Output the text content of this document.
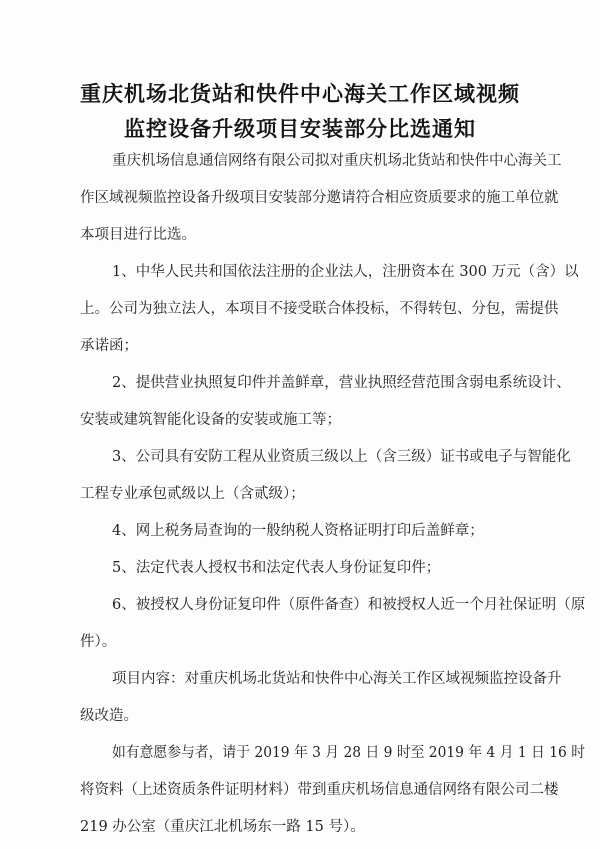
重庆机场北货站和快件中心海关工作区域视频
监控设备升级项目安装部分比选通知
重庆机场信息通信网络有限公司拟对重庆机场北货站和快件中心海关工
作区域视频监控设备升级项目安装部分邀请符合相应资质要求的施工单位就
本项目进行比选。
1、中华人民共和国依法注册的企业法人，注册资本在 300 万元（含）以
上。公司为独立法人，本项目不接受联合体投标，不得转包、分包，需提供
承诺函；
2、提供营业执照复印件并盖鲜章，营业执照经营范围含弱电系统设计、
安装或建筑智能化设备的安装或施工等；
3、公司具有安防工程从业资质三级以上（含三级）证书或电子与智能化
工程专业承包贰级以上（含贰级）；
4、网上税务局查询的一般纳税人资格证明打印后盖鲜章；
5、法定代表人授权书和法定代表人身份证复印件；
6、被授权人身份证复印件（原件备查）和被授权人近一个月社保证明（原
件）。
项目内容：对重庆机场北货站和快件中心海关工作区域视频监控设备升
级改造。
如有意愿参与者，请于 2019 年 3 月 28 日 9 时至 2019 年 4 月 1 日 16 时
将资料（上述资质条件证明材料）带到重庆机场信息通信网络有限公司二楼
219 办公室（重庆江北机场东一路 15 号）。
